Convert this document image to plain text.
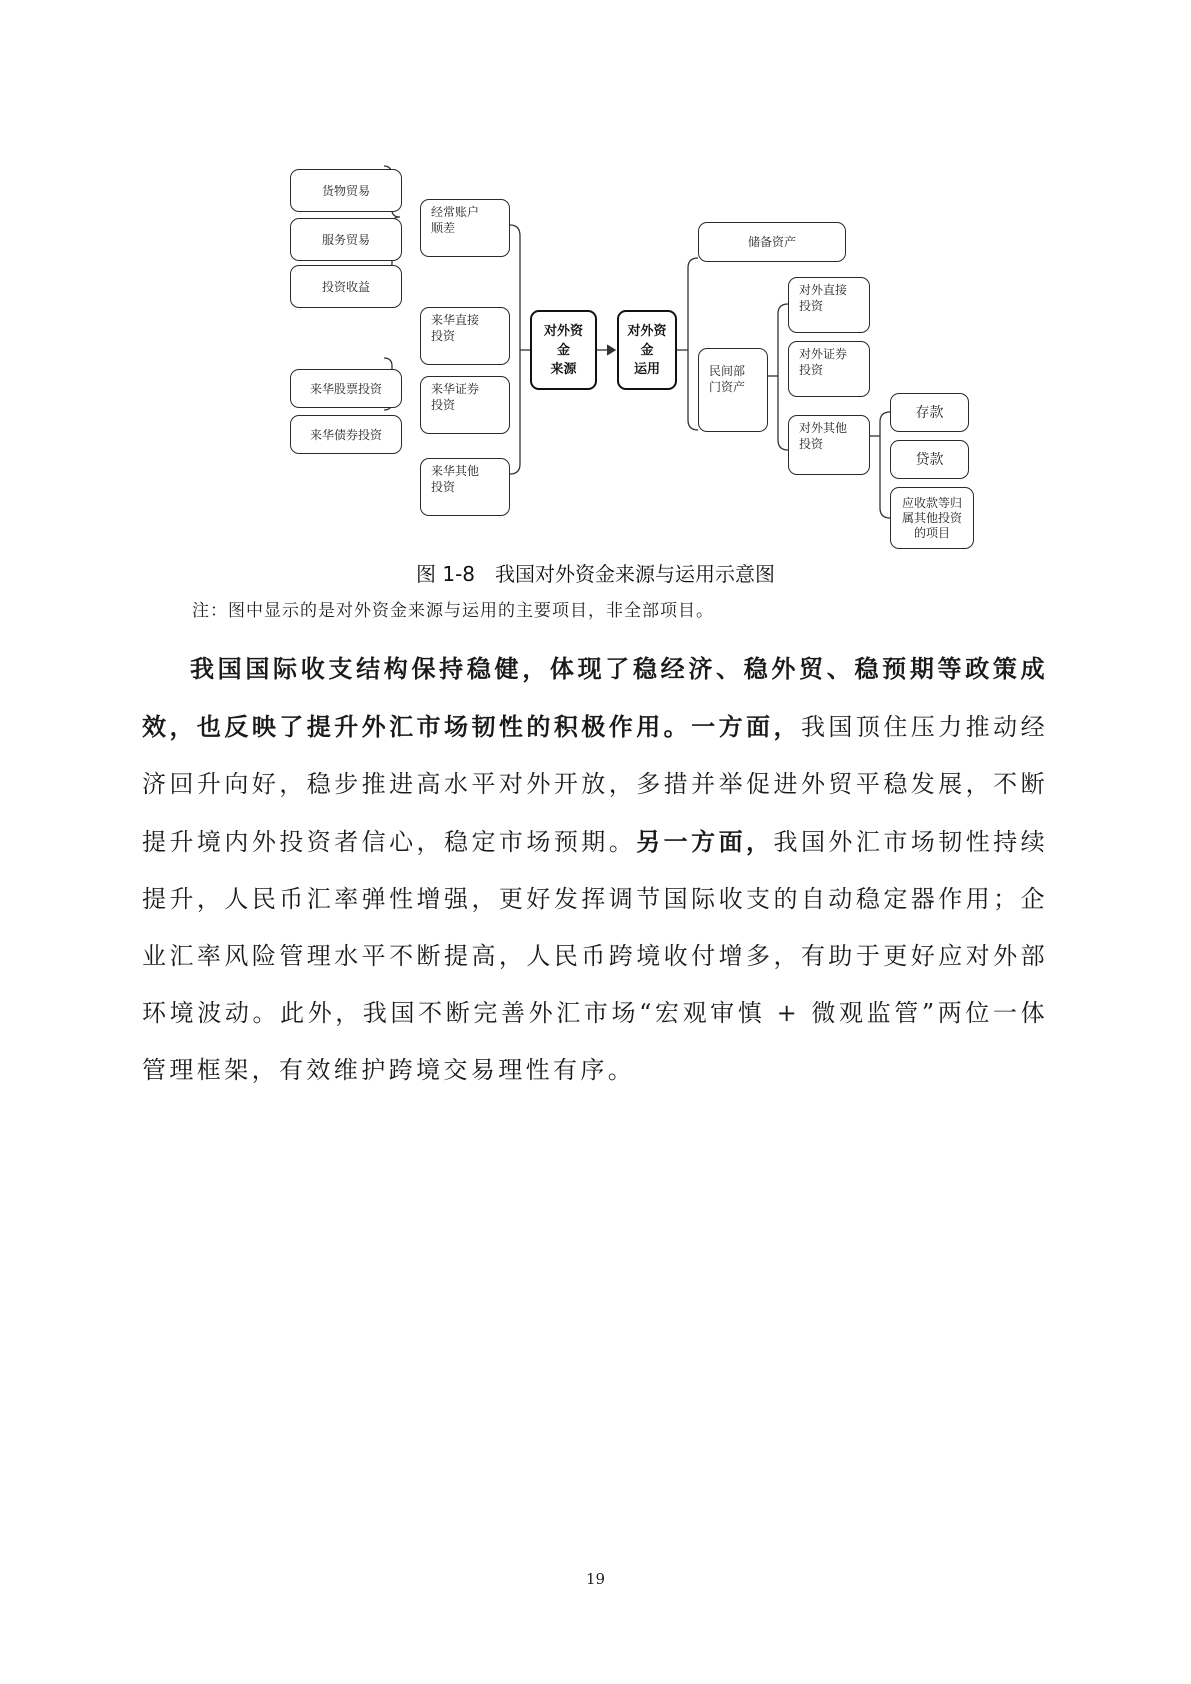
货物贸易
服务贸易
投资收益
来华股票投资
来华债券投资
经常账户
顺差
来华直接
投资
来华证券
投资
来华其他
投资
对外资金
来源
对外资金
运用
储备资产
民间部
门资产
对外直接
投资
对外证券
投资
对外其他
投资
存款
贷款
应收款等归
属其他投资
的项目
图 1-8 我国对外资金来源与运用示意图
注：图中显示的是对外资金来源与运用的主要项目，非全部项目。
我国国际收支结构保持稳健，体现了稳经济、稳外贸、稳预期等政策成效，也反映了提升外汇市场韧性的积极作用。一方面，我国顶住压力推动经济回升向好，稳步推进高水平对外开放，多措并举促进外贸平稳发展，不断提升境内外投资者信心，稳定市场预期。另一方面，我国外汇市场韧性持续提升，人民币汇率弹性增强，更好发挥调节国际收支的自动稳定器作用；企业汇率风险管理水平不断提高，人民币跨境收付增多，有助于更好应对外部环境波动。此外，我国不断完善外汇市场“宏观审慎 + 微观监管”两位一体管理框架，有效维护跨境交易理性有序。
19
